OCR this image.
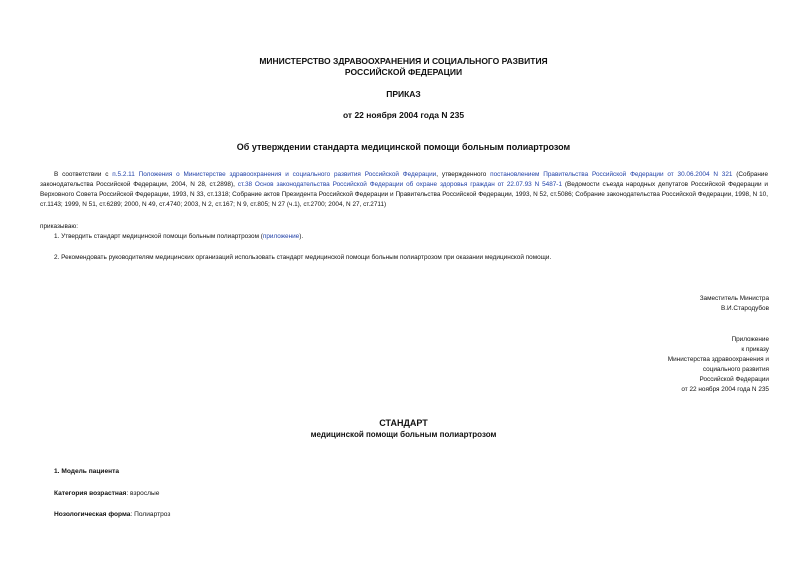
МИНИСТЕРСТВО ЗДРАВООХРАНЕНИЯ И СОЦИАЛЬНОГО РАЗВИТИЯ
РОССИЙСКОЙ ФЕДЕРАЦИИ
ПРИКАЗ
от 22 ноября 2004 года N 235
Об утверждении стандарта медицинской помощи больным полиартрозом
В соответствии с п.5.2.11 Положения о Министерстве здравоохранения и социального развития Российской Федерации, утвержденного постановлением Правительства Российской Федерации от 30.06.2004 N 321 (Собрание законодательства Российской Федерации, 2004, N 28, ст.2898), ст.38 Основ законодательства Российской Федерации об охране здоровья граждан от 22.07.93 N 5487-1 (Ведомости съезда народных депутатов Российской Федерации и Верховного Совета Российской Федерации, 1993, N 33, ст.1318; Собрание актов Президента Российской Федерации и Правительства Российской Федерации, 1993, N 52, ст.5086; Собрание законодательства Российской Федерации, 1998, N 10, ст.1143; 1999, N 51, ст.6289; 2000, N 49, ст.4740; 2003, N 2, ст.167; N 9, ст.805; N 27 (ч.1), ст.2700; 2004, N 27, ст.2711)
приказываю:
1. Утвердить стандарт медицинской помощи больным полиартрозом (приложение).
2. Рекомендовать руководителям медицинских организаций использовать стандарт медицинской помощи больным полиартрозом при оказании медицинской помощи.
Заместитель Министра
В.И.Стародубов
Приложение
к приказу
Министерства здравоохранения и
социального развития
Российской Федерации
от 22 ноября 2004 года N 235
СТАНДАРТ
медицинской помощи больным полиартрозом
1. Модель пациента
Категория возрастная: взрослые
Нозологическая форма: Полиартроз
